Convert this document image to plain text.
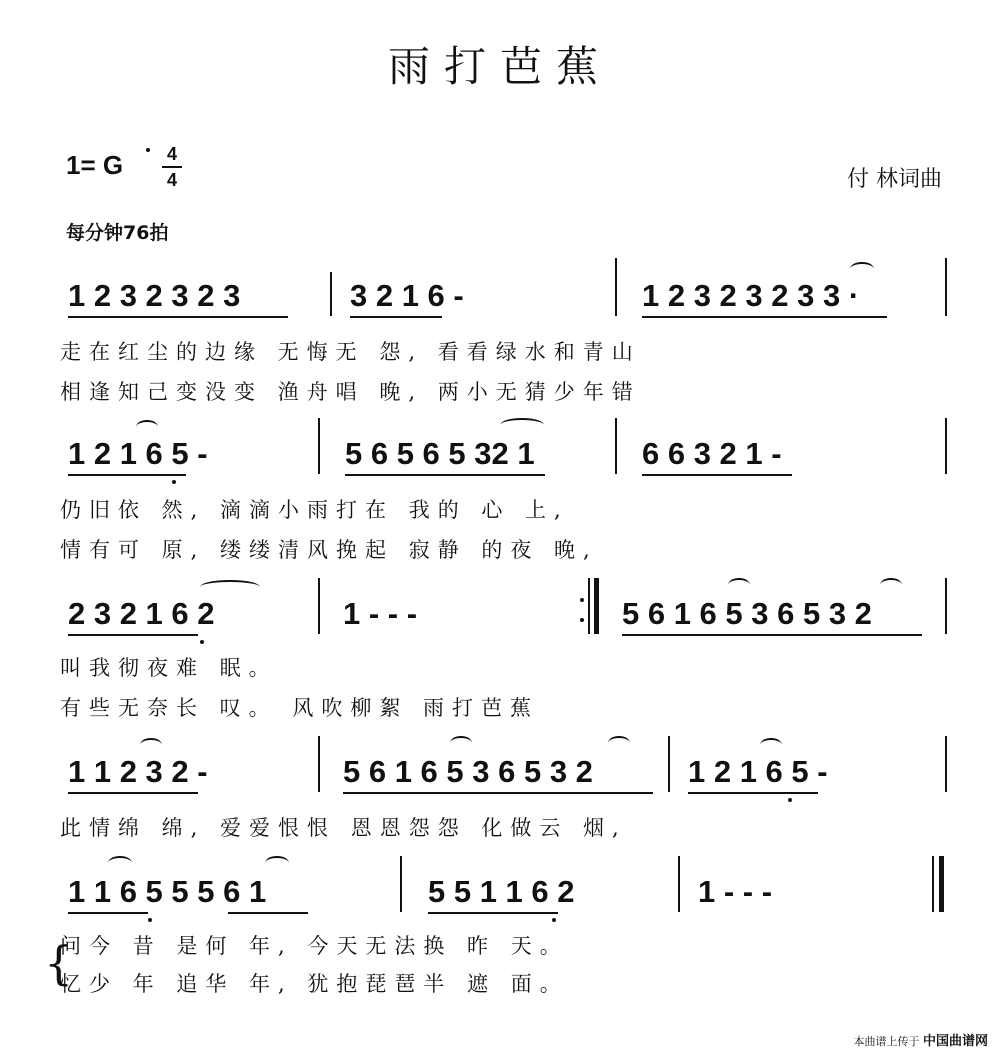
雨打芭蕉
1= G 4
4	付 林词曲
每分钟76拍
1 2 3 2 3 2 3	3 2 1 6 -	1 2 3 2 3 2 3 3 ·
走在红尘的边缘 无悔无 怨, 看看绿水和青山
相逢知己变没变 渔舟唱 晚, 两小无猜少年错
1 2 1 6 5 -	5 6 5 6 5 32 1	6 6 3 2 1 -
仍旧依 然, 滴滴小雨打在 我的 心 上,
情有可 原, 缕缕清风挽起 寂静 的夜 晚,
2 3 2 1 6 2	1 - - -	5 6 1 6 5 3 6 5 3 2
叫我彻夜难 眠。
有些无奈长 叹。 风吹柳絮 雨打芭蕉
1 1 2 3 2 -	5 6 1 6 5 3 6 5 3 2	1 2 1 6 5 -
此情绵 绵, 爱爱恨恨 恩恩怨怨 化做云 烟,
1 1 6 5 5 5 6 1	5 5 1 1 6 2	1 - - -
问今 昔 是何 年, 今天无法换 昨 天。
忆少 年 追华 年, 犹抱琵琶半 遮 面。
{
本曲谱上传于 中国曲谱网
